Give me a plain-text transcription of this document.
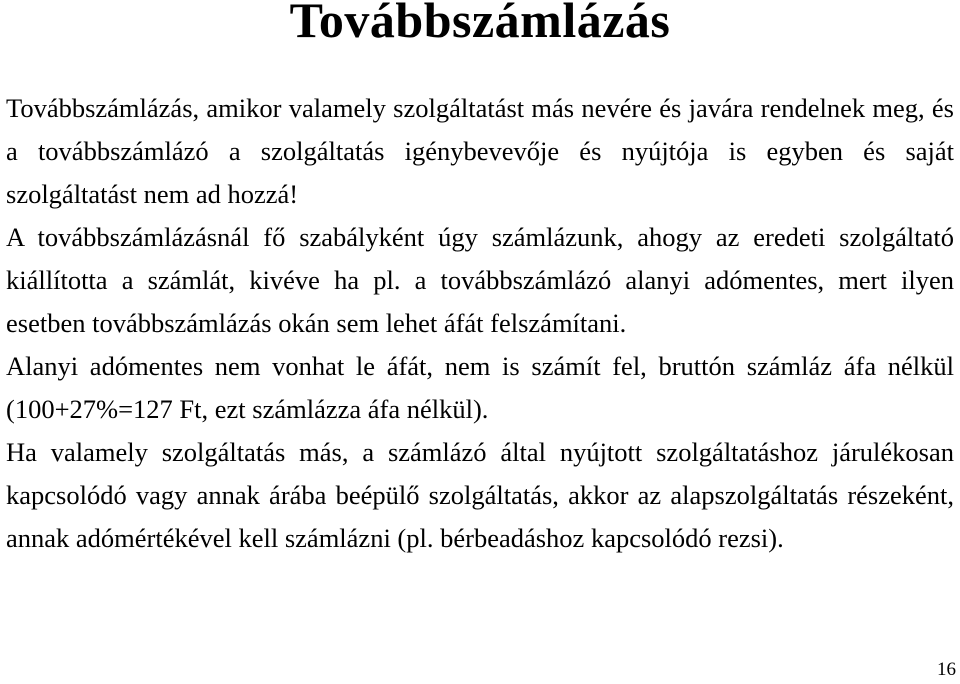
Továbbszámlázás

Továbbszámlázás, amikor valamely szolgáltatást más nevére és javára rendelnek meg, és a továbbszámlázó a szolgáltatás igénybevevője és nyújtója is egyben és saját szolgáltatást nem ad hozzá!

A továbbszámlázásnál fő szabályként úgy számlázunk, ahogy az eredeti szolgáltató kiállította a számlát, kivéve ha pl. a továbbszámlázó alanyi adómentes, mert ilyen esetben továbbszámlázás okán sem lehet áfát felszámítani.

Alanyi adómentes nem vonhat le áfát, nem is számít fel, bruttón számláz áfa nélkül (100+27%=127 Ft, ezt számlázza áfa nélkül).

Ha valamely szolgáltatás más, a számlázó által nyújtott szolgáltatáshoz járulékosan kapcsolódó vagy annak árába beépülő szolgáltatás, akkor az alapszolgáltatás részeként, annak adómértékével kell számlázni (pl. bérbeadáshoz kapcsolódó rezsi).

16
